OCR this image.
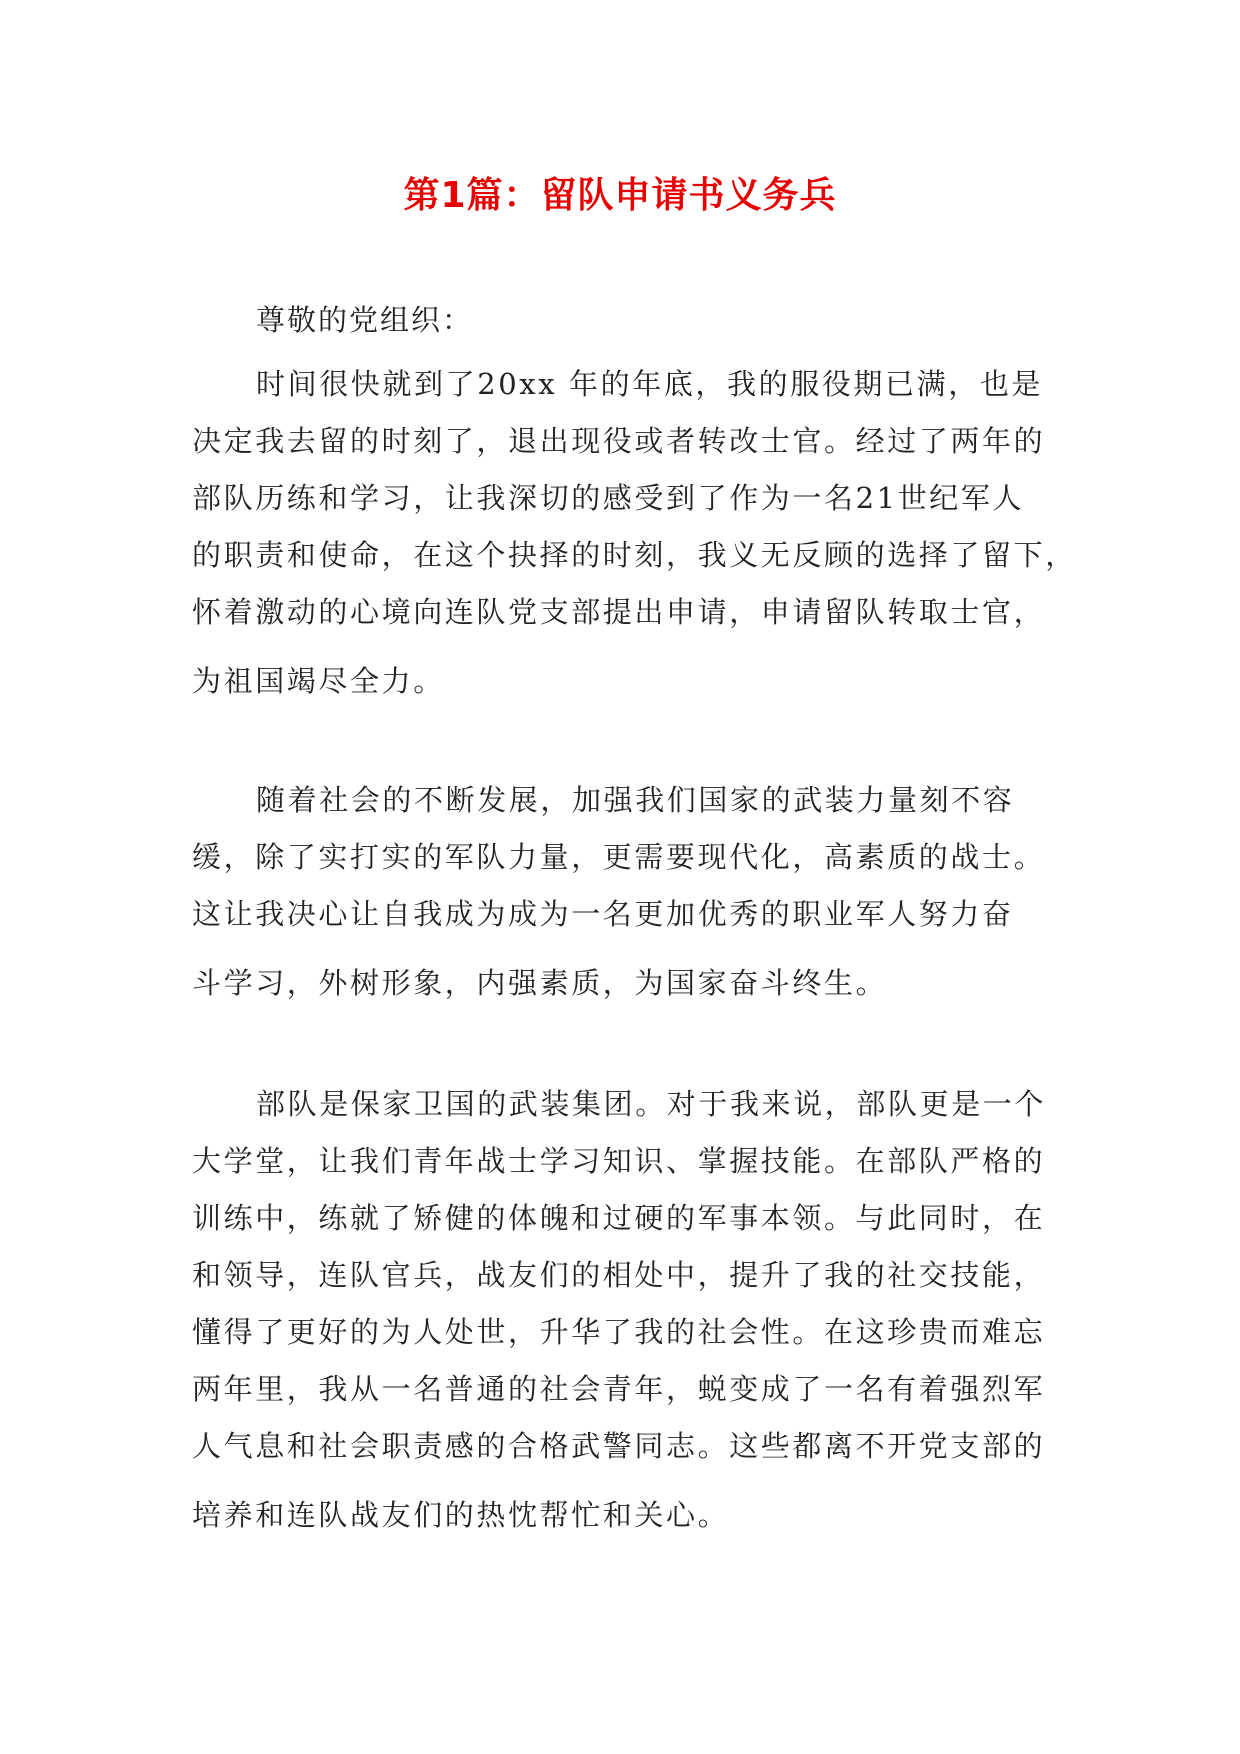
第1篇：留队申请书义务兵

尊敬的党组织：

时间很快就到了20xx 年的年底，我的服役期已满，也是
决定我去留的时刻了，退出现役或者转改士官。经过了两年的
部队历练和学习，让我深切的感受到了作为一名21世纪军人
的职责和使命，在这个抉择的时刻，我义无反顾的选择了留下，
怀着激动的心境向连队党支部提出申请，申请留队转取士官，
为祖国竭尽全力。
随着社会的不断发展，加强我们国家的武装力量刻不容
缓，除了实打实的军队力量，更需要现代化，高素质的战士。
这让我决心让自我成为成为一名更加优秀的职业军人努力奋
斗学习，外树形象，内强素质，为国家奋斗终生。
部队是保家卫国的武装集团。对于我来说，部队更是一个
大学堂，让我们青年战士学习知识、掌握技能。在部队严格的
训练中，练就了矫健的体魄和过硬的军事本领。与此同时，在
和领导，连队官兵，战友们的相处中，提升了我的社交技能，
懂得了更好的为人处世，升华了我的社会性。在这珍贵而难忘
两年里，我从一名普通的社会青年，蜕变成了一名有着强烈军
人气息和社会职责感的合格武警同志。这些都离不开党支部的
培养和连队战友们的热忱帮忙和关心。
